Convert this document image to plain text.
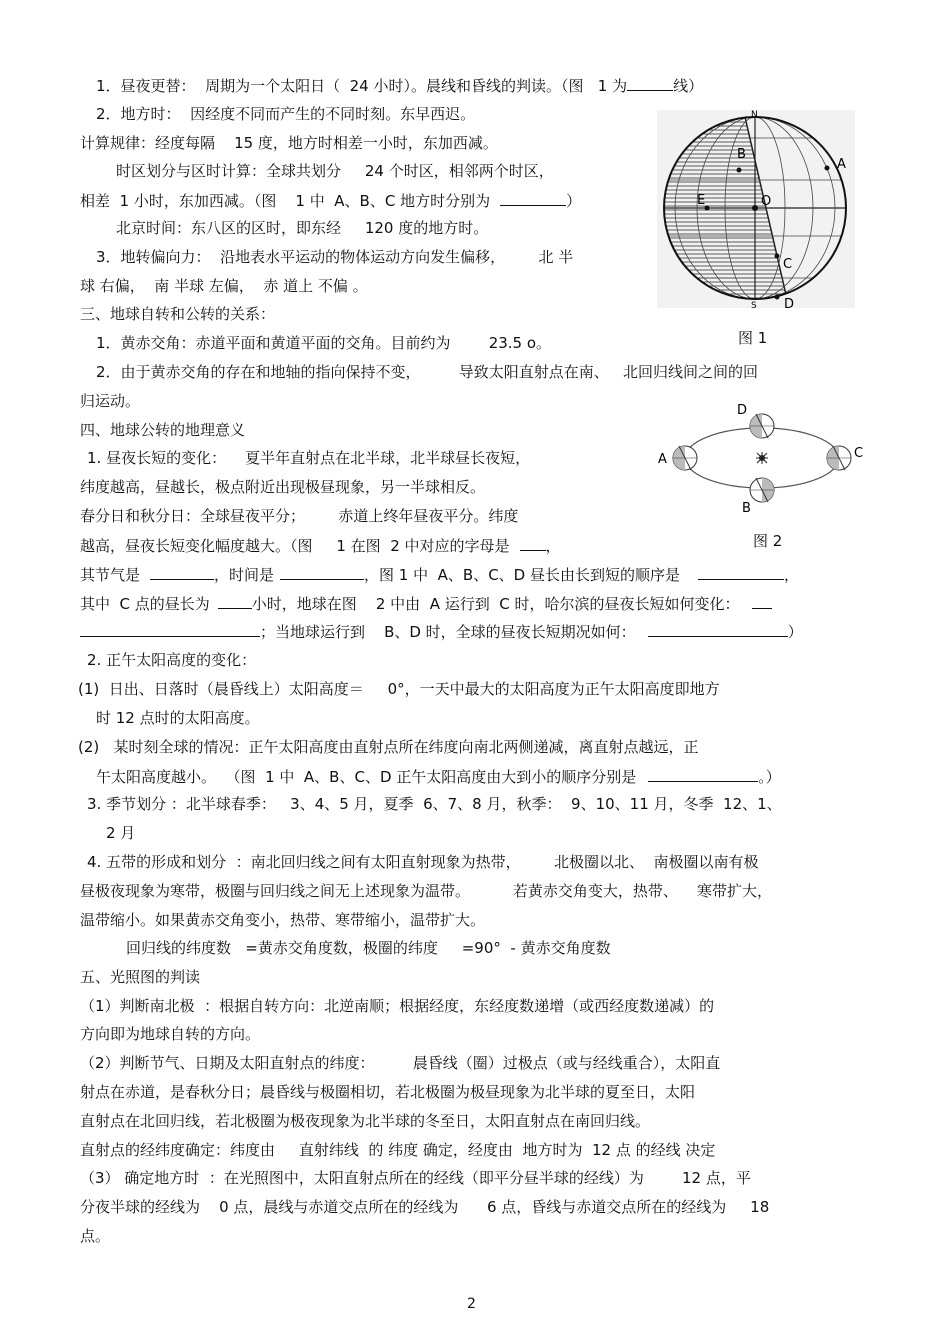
1．昼夜更替：  周期为一个太阳日（  24 小时）。晨线和昏线的判读。（图   1 为	线）
2．地方时：  因经度不同而产生的不同时刻。东早西迟。
计算规律：经度每隔    15 度，地方时相差一小时，东加西减。
时区划分与区时计算：全球共划分     24 个时区，相邻两个时区，
相差  1 小时，东加西减。（图    1 中  A、B、C 地方时分别为	）
北京时间：东八区的区时，即东经     120 度的地方时。
3．地转偏向力：  沿地表水平运动的物体运动方向发生偏移，       北 半
球 右偏，  南 半球 左偏，  赤 道上 不偏 。
三、地球自转和公转的关系：
1．黄赤交角：赤道平面和黄道平面的交角。目前约为        23.5 o。
2．由于黄赤交角的存在和地轴的指向保持不变，        导致太阳直射点在南、   北回归线间之间的回
归运动。
四、地球公转的地理意义
1. 昼夜长短的变化：    夏半年直射点在北半球，北半球昼长夜短，
纬度越高，昼越长，极点附近出现极昼现象，另一半球相反。
春分日和秋分日：全球昼夜平分；       赤道上终年昼夜平分。纬度
越高，昼夜长短变化幅度越大。（图     1 在图  2 中对应的字母是 ，
其节气是	，时间是	，图 1 中  A、B、C、D 昼长由长到短的顺序是	，
其中  C 点的昼长为	小时，地球在图    2 中由  A 运行到  C 时，哈尔滨的昼夜长短如何变化：
；当地球运行到    B、D 时，全球的昼夜长短期况如何：	）
2. 正午太阳高度的变化：
(1)  日出、日落时（晨昏线上）太阳高度＝     0°，一天中最大的太阳高度为正午太阳高度即地方
时 12 点时的太阳高度。
(2)   某时刻全球的情况：正午太阳高度由直射点所在纬度向南北两侧递减，离直射点越远，正
午太阳高度越小。  （图  1 中  A、B、C、D 正午太阳高度由大到小的顺序分别是	。）
3. 季节划分 ：北半球春季：   3、4、5 月，夏季  6、7、8 月，秋季：  9、10、11 月，冬季  12、1、
2 月
4. 五带的形成和划分  ：南北回归线之间有太阳直射现象为热带，       北极圈以北、  南极圈以南有极
昼极夜现象为寒带，极圈与回归线之间无上述现象为温带。         若黄赤交角变大，热带、    寒带扩大，
温带缩小。如果黄赤交角变小，热带、寒带缩小，温带扩大。
回归线的纬度数   =黄赤交角度数，极圈的纬度     =90°  - 黄赤交角度数
五、光照图的判读
（1）判断南北极  ：根据自转方向：北逆南顺；根据经度，东经度数递增（或西经度数递减）的
方向即为地球自转的方向。
（2）判断节气、日期及太阳直射点的纬度：        晨昏线（圈）过极点（或与经线重合），太阳直
射点在赤道，是春秋分日；晨昏线与极圈相切，若北极圈为极昼现象为北半球的夏至日，太阳
直射点在北回归线，若北极圈为极夜现象为北半球的冬至日，太阳直射点在南回归线。
直射点的经纬度确定：纬度由     直射纬线  的 纬度 确定，经度由  地方时为  12 点 的经线 决定
（3） 确定地方时  ：在光照图中，太阳直射点所在的经线（即平分昼半球的经线）为        12 点，平
分夜半球的经线为    0 点，晨线与赤道交点所在的经线为      6 点，昏线与赤道交点所在的经线为     18
点。
N
S
B
A
E	O
C
D
图 1
A
B
C
D
图 2
2
